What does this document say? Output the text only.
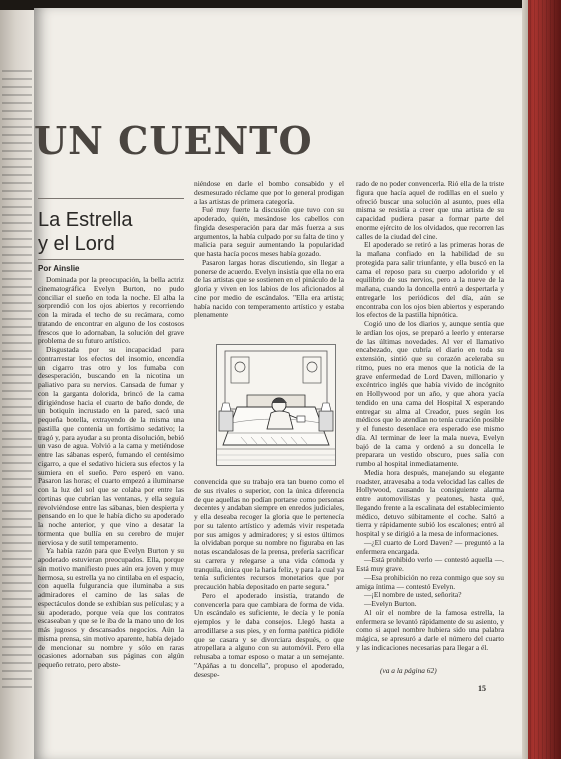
UN CUENTO
La Estrella
y el Lord
Por Ainslie

Dominada por la preocupación, la bella actriz cinematográfica Evelyn Burton, no pudo conciliar el sueño en toda la noche. El alba la sorprendió con los ojos abiertos y recorriendo con la mirada el techo de su recámara, como tratando de encontrar en alguno de los costosos frescos que lo adornaban, la solución del grave problema de su futuro artístico.

Disgustada por su incapacidad para contrarrestar los efectos del insomio, encendía un cigarro tras otro y los fumaba con desesperación, buscando en la nicotina un paliativo para su nervios. Cansada de fumar y con la garganta dolorida, brincó de la cama dirigiéndose hacia el cuarto de baño donde, de un botiquín incrustado en la pared, sacó una pequeña botella, extrayendo de la misma una pastilla que contenía un fortísimo sedativo; la tragó y, para ayudar a su pronta disolución, bebió un vaso de agua. Volvió a la cama y metiéndose entre las sábanas esperó, fumando el centésimo cigarro, a que el sedativo hiciera sus efectos y la sumiera en el sueño. Pero esperó en vano. Pasaron las horas; el cuarto empezó a iluminarse con la luz del sol que se colaba por entre las cortinas que cubrían las ventanas, y ella seguía revolviéndose entre las sábanas, bien despierta y pensando en lo que le había dicho su apoderado la noche anterior, y que vino a desatar la tormenta que bullía en su cerebro de mujer nerviosa y de sutil temperamento.

Ya había razón para que Evelyn Burton y su apoderado estuvieran preocupados. Ella, porque sin motivo manifiesto pues aún era joven y muy hermosa, su estrella ya no cintilaba en el espacio, con aquella fulgurancia que iluminaba a sus admiradores el camino de las salas de espectáculos donde se exhibían sus películas; y a su apoderado, porque veía que los contratos escaseaban y que se le iba de la mano uno de los más jugosos y descansados negocios. Aún la misma prensa, sin motivo aparente, había dejado de mencionar su nombre y sólo en raras ocasiones adornaban sus páginas con algún pequeño retrato, pero abste-

niéndose en darle el bombo consabido y el desmesurado réclame que por lo general prodigan a las artistas de primera categoría.

Fué muy fuerte la discusión que tuvo con su apoderado, quién, mesándose los cabellos con fingida desesperación para dar más fuerza a sus argumentos, la había culpado por su falta de tino y malicia para seguir aumentando la popularidad que hasta hacía pocos meses había gozado.

Pasaron largas horas discutiendo, sin llegar a ponerse de acuerdo. Evelyn insistía que ella no era de las artistas que se sostienen en el pináculo de la gloria y viven en los labios de los aficionados al cine por medio de escándalos. "Ella era artista; había nacido con temperamento artístico y estaba plenamente

convencida que su trabajo era tan bueno como el de sus rivales o superior, con la única diferencia de que aquellas no podían portarse como personas decentes y andaban siempre en enredos judiciales, y ella deseaba recoger la gloria que le pertenecía por su talento artístico y además vivir respetada por sus amigos y admiradores; y si estos últimos la olvidaban porque su nombre no figuraba en las notas escandalosas de la prensa, prefería sacrificar su carrera y relegarse a una vida cómoda y tranquila, única que la haría feliz, y para la cual ya tenía suficientes recursos monetarios que por precaución había depositado en parte segura."

Pero el apoderado insistía, tratando de convencerla para que cambiara de forma de vida. Un escándalo es suficiente, le decía y le ponía ejemplos y le daba consejos. Llegó hasta a arrodillarse a sus pies, y en forma patética pidióle que se casara y se divorciara después, o que atropellara a alguno con su automóvil. Pero ella rehusaba a tomar esposo o matar a un semejante. "Apáñas a tu doncella", propuso el apoderado, desespe-

rado de no poder convencerla. Rió ella de la triste figura que hacía aquel de rodillas en el suelo y ofreció buscar una solución al asunto, pues ella misma se resistía a creer que una artista de su capacidad pudiera pasar a formar parte del enorme ejército de los olvidados, que recorren las calles de la ciudad del cine.

El apoderado se retiró a las primeras horas de la mañana confiado en la habilidad de su protegida para salir triunfante, y ella buscó en la cama el reposo para su cuerpo adolorido y el equilibrio de sus nervios, pero a la nueve de la mañana, cuando la doncella entró a despertarla y entregarle los periódicos del día, aún se encontraba con los ojos bien abiertos y esperando los efectos de la pastilla hipnótica.

Cogió uno de los diarios y, aunque sentía que le ardían los ojos, se preparó a leerlo y enterarse de las últimas novedades. Al ver el llamativo encabezado, que cubría el diario en toda su extensión, sintió que su corazón aceleraba su ritmo, pues no era menos que la noticia de la grave enfermedad de Lord Daven, millonario y excéntrico inglés que había vivido de incógnito en Hollywood por un año, y que ahora yacía tendido en una cama del Hospital X esperando entregar su alma al Creador, pues según los médicos que lo atendían no tenía curación posible y el funesto desenlace era esperado ese mismo día. Al terminar de leer la mala nueva, Evelyn bajó de la cama y ordenó a su doncella le preparara un vestido obscuro, pues salía con rumbo al hospital inmediatamente.

Media hora después, manejando su elegante roadster, atravesaba a toda velocidad las calles de Hollywood, causando la consiguiente alarma entre automovilistas y peatones, hasta qué, llegando frente a la escalinata del establecimiento médico, detuvo súbitamente el coche. Saltó a tierra y rápidamente subió los escalones; entró al hospital y se dirigió a la mesa de informaciones.

—¿El cuarto de Lord Daven? — preguntó a la enfermera encargada.

—Está prohibido verlo — contestó aquella —. Está muy grave.

—Esa prohibición no reza conmigo que soy su amiga íntima — contestó Evelyn.

—¡El nombre de usted, señorita?

—Evelyn Burton.

Al oír el nombre de la famosa estrella, la enfermera se levantó rápidamente de su asiento, y como si aquel nombre hubiera sido una palabra mágica, se apresuró a darle el número del cuarto y las indicaciones necesarias para llegar a él.

(va a la página 62)
15
